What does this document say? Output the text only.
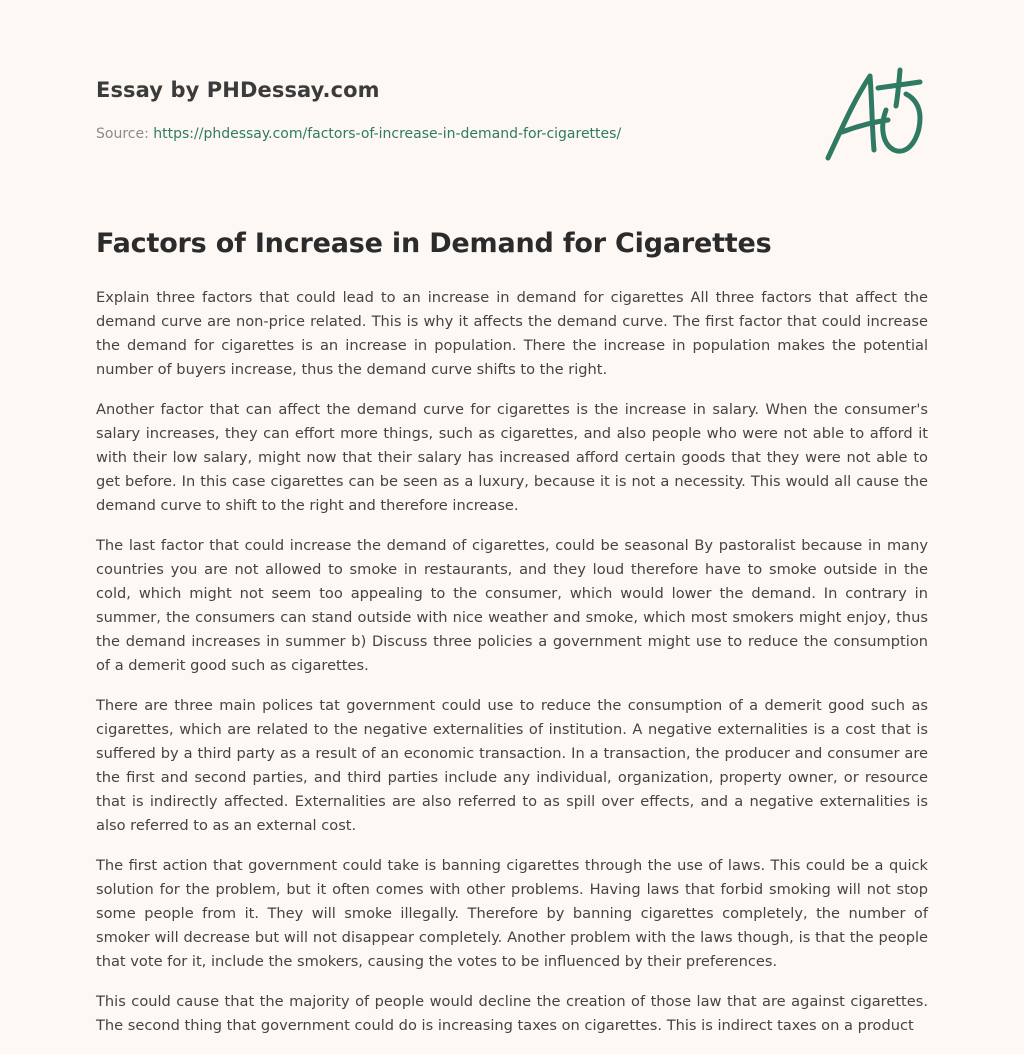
Essay by PHDessay.com
Source: https://phdessay.com/factors-of-increase-in-demand-for-cigarettes/
Factors of Increase in Demand for Cigarettes

Explain three factors that could lead to an increase in demand for cigarettes All three factors that affect the demand curve are non-price related. This is why it affects the demand curve. The first factor that could increase the demand for cigarettes is an increase in population. There the increase in population makes the potential number of buyers increase, thus the demand curve shifts to the right.

Another factor that can affect the demand curve for cigarettes is the increase in salary. When the consumer's salary increases, they can effort more things, such as cigarettes, and also people who were not able to afford it with their low salary, might now that their salary has increased afford certain goods that they were not able to get before. In this case cigarettes can be seen as a luxury, because it is not a necessity. This would all cause the demand curve to shift to the right and therefore increase.

The last factor that could increase the demand of cigarettes, could be seasonal By pastoralist because in many countries you are not allowed to smoke in restaurants, and they loud therefore have to smoke outside in the cold, which might not seem too appealing to the consumer, which would lower the demand. In contrary in summer, the consumers can stand outside with nice weather and smoke, which most smokers might enjoy, thus the demand increases in summer b) Discuss three policies a government might use to reduce the consumption of a demerit good such as cigarettes.

There are three main polices tat government could use to reduce the consumption of a demerit good such as cigarettes, which are related to the negative externalities of institution. A negative externalities is a cost that is suffered by a third party as a result of an economic transaction. In a transaction, the producer and consumer are the first and second parties, and third parties include any individual, organization, property owner, or resource that is indirectly affected. Externalities are also referred to as spill over effects, and a negative externalities is also referred to as an external cost.

The first action that government could take is banning cigarettes through the use of laws. This could be a quick solution for the problem, but it often comes with other problems. Having laws that forbid smoking will not stop some people from it. They will smoke illegally. Therefore by banning cigarettes completely, the number of smoker will decrease but will not disappear completely. Another problem with the laws though, is that the people that vote for it, include the smokers, causing the votes to be influenced by their preferences.

This could cause that the majority of people would decline the creation of those law that are against cigarettes. The second thing that government could do is increasing taxes on cigarettes. This is indirect taxes on a product
